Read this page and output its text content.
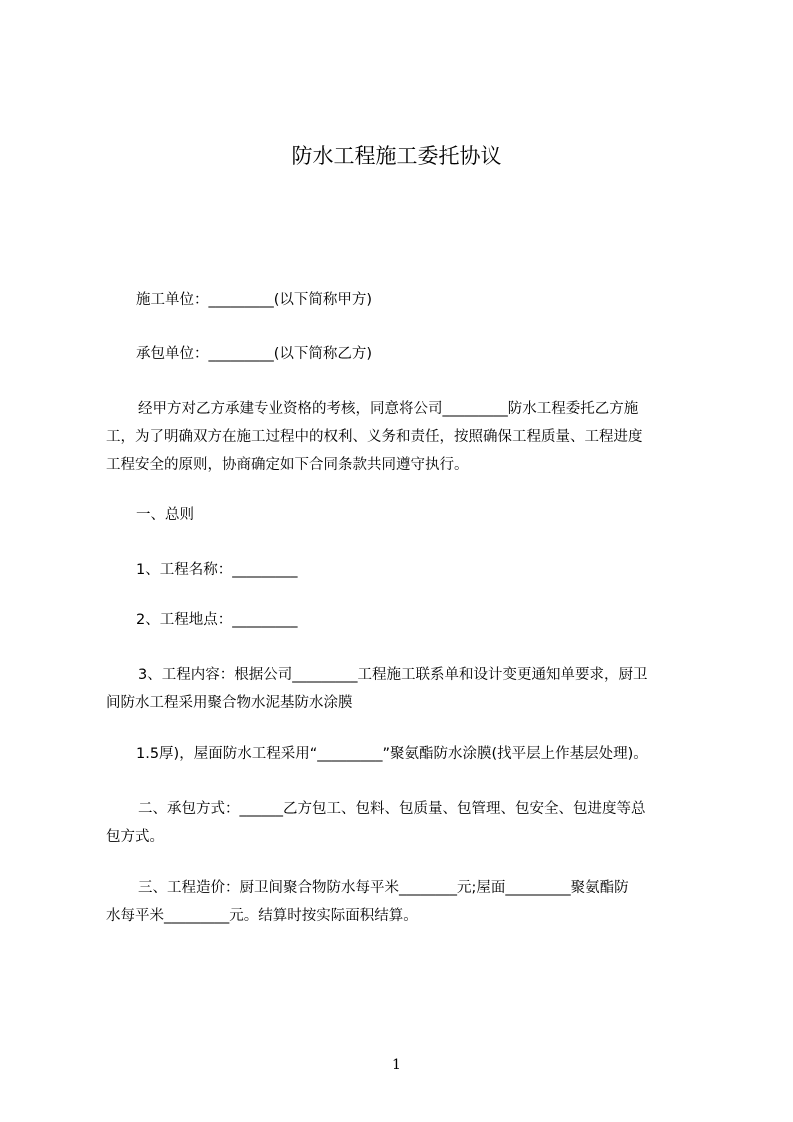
防水工程施工委托协议

施工单位：_________(以下简称甲方)

承包单位：_________(以下简称乙方)

经甲方对乙方承建专业资格的考核，同意将公司_________防水工程委托乙方施

工，为了明确双方在施工过程中的权利、义务和责任，按照确保工程质量、工程进度

工程安全的原则，协商确定如下合同条款共同遵守执行。

一、总则

1、工程名称：_________

2、工程地点：_________

3、工程内容：根据公司_________工程施工联系单和设计变更通知单要求，厨卫

间防水工程采用聚合物水泥基防水涂膜

1.5厚)，屋面防水工程采用“_________”聚氨酯防水涂膜(找平层上作基层处理)。

二、承包方式：______乙方包工、包料、包质量、包管理、包安全、包进度等总

包方式。

三、工程造价：厨卫间聚合物防水每平米________元;屋面_________聚氨酯防

水每平米_________元。结算时按实际面积结算。

1
